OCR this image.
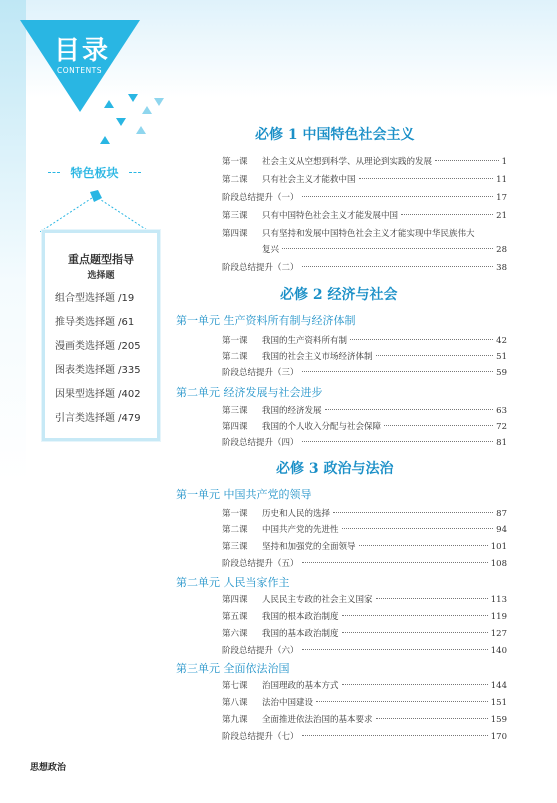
目录
CONTENTS
特色板块
重点题型指导
选择题
组合型选择题 /19
推导类选择题 /61
漫画类选择题 /205
图表类选择题 /335
因果型选择题 /402
引言类选择题 /479
必修 1 中国特色社会主义
第一课	社会主义从空想到科学、从理论到实践的发展	1
第二课	只有社会主义才能救中国	11
阶段总结提升（一）	17
第三课	只有中国特色社会主义才能发展中国	21
第四课 只有坚持和发展中国特色社会主义才能实现中华民族伟大
复兴	28
阶段总结提升（二）	38
必修 2 经济与社会
第一单元 生产资料所有制与经济体制
第一课	我国的生产资料所有制	42
第二课	我国的社会主义市场经济体制	51
阶段总结提升（三）	59
第二单元 经济发展与社会进步
第三课	我国的经济发展	63
第四课	我国的个人收入分配与社会保障	72
阶段总结提升（四）	81
必修 3 政治与法治
第一单元 中国共产党的领导
第一课	历史和人民的选择	87
第二课	中国共产党的先进性	94
第三课	坚持和加强党的全面领导	101
阶段总结提升（五）	108
第二单元 人民当家作主
第四课	人民民主专政的社会主义国家	113
第五课	我国的根本政治制度	119
第六课	我国的基本政治制度	127
阶段总结提升（六）	140
第三单元 全面依法治国
第七课	治国理政的基本方式	144
第八课	法治中国建设	151
第九课	全面推进依法治国的基本要求	159
阶段总结提升（七）	170
思想政治
